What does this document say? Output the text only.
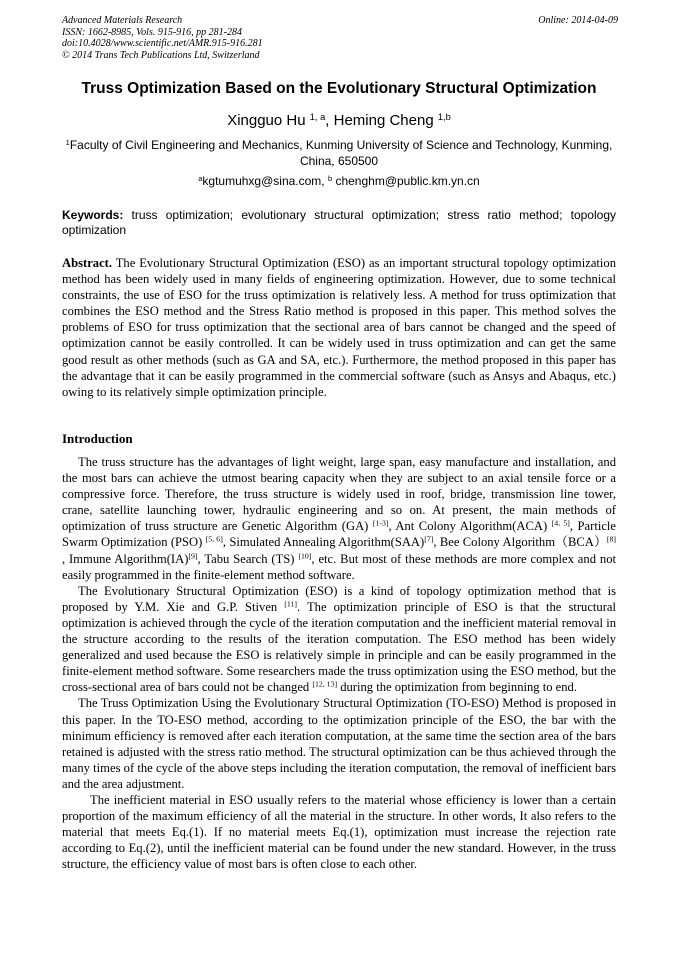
Advanced Materials Research
ISSN: 1662-8985, Vols. 915-916, pp 281-284
doi:10.4028/www.scientific.net/AMR.915-916.281
© 2014 Trans Tech Publications Ltd, Switzerland
Online: 2014-04-09
Truss Optimization Based on the Evolutionary Structural Optimization
Xingguo Hu $^{1, a}$, Heming Cheng $^{1,b}$
$^1$Faculty of Civil Engineering and Mechanics, Kunming University of Science and Technology, Kunming, China, 650500
$^a$kgtumuhxg@sina.com, $^b$ chenghm@public.km.yn.cn
Keywords: truss optimization; evolutionary structural optimization; stress ratio method; topology optimization
Abstract. The Evolutionary Structural Optimization (ESO) as an important structural topology optimization method has been widely used in many fields of engineering optimization. However, due to some technical constraints, the use of ESO for the truss optimization is relatively less. A method for truss optimization that combines the ESO method and the Stress Ratio method is proposed in this paper. This method solves the problems of ESO for truss optimization that the sectional area of bars cannot be changed and the speed of optimization cannot be easily controlled. It can be widely used in truss optimization and can get the same good result as other methods (such as GA and SA, etc.). Furthermore, the method proposed in this paper has the advantage that it can be easily programmed in the commercial software (such as Ansys and Abaqus, etc.) owing to its relatively simple optimization principle.
Introduction

The truss structure has the advantages of light weight, large span, easy manufacture and installation, and the most bars can achieve the utmost bearing capacity when they are subject to an axial tensile force or a compressive force. Therefore, the truss structure is widely used in roof, bridge, transmission line tower, crane, satellite launching tower, hydraulic engineering and so on. At present, the main methods of optimization of truss structure are Genetic Algorithm (GA) [1-3], Ant Colony Algorithm(ACA) [4, 5], Particle Swarm Optimization (PSO) [5, 6], Simulated Annealing Algorithm(SAA)[7], Bee Colony Algorithm（BCA）[8] , Immune Algorithm(IA)[9], Tabu Search (TS) [10], etc. But most of these methods are more complex and not easily programmed in the finite-element method software.

The Evolutionary Structural Optimization (ESO) is a kind of topology optimization method that is proposed by Y.M. Xie and G.P. Stiven [11]. The optimization principle of ESO is that the structural optimization is achieved through the cycle of the iteration computation and the inefficient material removal in the structure according to the results of the iteration computation. The ESO method has been widely generalized and used because the ESO is relatively simple in principle and can be easily programmed in the finite-element method software. Some researchers made the truss optimization using the ESO method, but the cross-sectional area of bars could not be changed [12, 13] during the optimization from beginning to end.

The Truss Optimization Using the Evolutionary Structural Optimization (TO-ESO) Method is proposed in this paper. In the TO-ESO method, according to the optimization principle of the ESO, the bar with the minimum efficiency is removed after each iteration computation, at the same time the section area of the bars retained is adjusted with the stress ratio method. The structural optimization can be thus achieved through the many times of the cycle of the above steps including the iteration computation, the removal of inefficient bars and the area adjustment.

The inefficient material in ESO usually refers to the material whose efficiency is lower than a certain proportion of the maximum efficiency of all the material in the structure. In other words, It also refers to the material that meets Eq.(1). If no material meets Eq.(1), optimization must increase the rejection rate according to Eq.(2), until the inefficient material can be found under the new standard. However, in the truss structure, the efficiency value of most bars is often close to each other.
